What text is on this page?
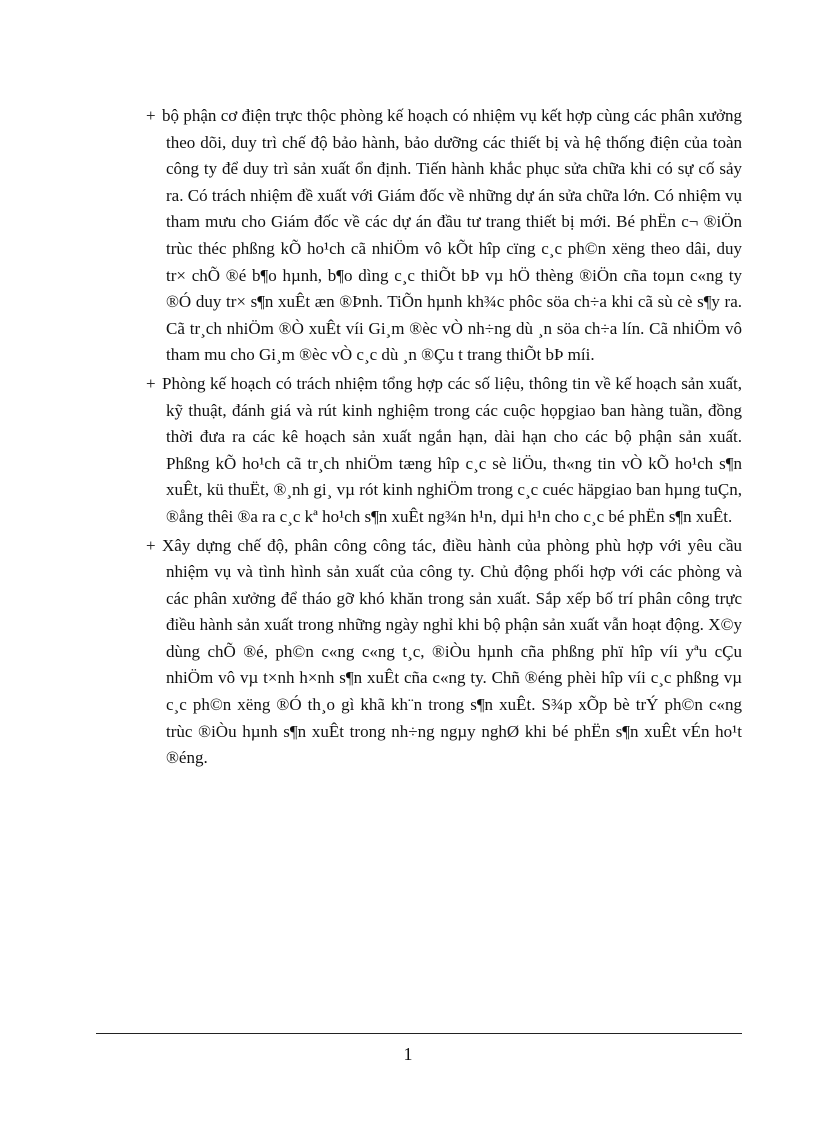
+ bộ phận cơ điện trực thộc phòng kế hoạch có nhiệm vụ kết hợp cùng các phân xưởng theo dõi, duy trì chế độ bảo hành, bảo dưỡng các thiết bị và hệ thống điện của toàn công ty để duy trì sản xuất ổn định. Tiến hành khắc phục sửa chữa khi có sự cố sảy ra. Có trách nhiệm đề xuất với Giám đốc về những dự án sửa chữa lớn. Có nhiệm vụ tham mưu cho Giám đốc về các dự án đầu tư trang thiết bị mới. Bé phËn c¬ ®iÖn trùc théc phßng kÕ ho¹ch cã nhiÖm vô kÕt hîp cïng c¸c ph©n xëng theo dâi, duy tr× chÕ ®é b¶o hµnh, b¶o dìng c¸c thiÕt bÞ vµ hÖ thèng ®iÖn cña toµn c«ng ty ®Ó duy tr× s¶n xuÊt æn ®Þnh. TiÕn hµnh kh¾c phôc söa ch÷a khi cã sù cè s¶y ra. Cã tr¸ch nhiÖm ®Ò xuÊt víi Gi¸m ®èc vÒ nh÷ng dù ¸n söa ch÷a lín. Cã nhiÖm vô tham mu cho Gi¸m ®èc vÒ c¸c dù ¸n ®Çu t trang thiÕt bÞ míi.
+ Phòng kế hoạch có trách nhiệm tổng hợp các số liệu, thông tin về kế hoạch sản xuất, kỹ thuật, đánh giá và rút kinh nghiệm trong các cuộc họpgiao ban hàng tuần, đồng thời đưa ra các kê hoạch sản xuất ngắn hạn, dài hạn cho các bộ phận sản xuất. Phßng kÕ ho¹ch cã tr¸ch nhiÖm tæng hîp c¸c sè liÖu, th«ng tin vÒ kÕ ho¹ch s¶n xuÊt, kü thuËt, ®¸nh gi¸ vµ rót kinh nghiÖm trong c¸c cuéc häpgiao ban hµng tuÇn, ®ång thêi ®a ra c¸c kª ho¹ch s¶n xuÊt ng¾n h¹n, dµi h¹n cho c¸c bé phËn s¶n xuÊt.
+ Xây dựng chế độ, phân công công tác, điều hành của phòng phù hợp với yêu cầu nhiệm vụ và tình hình sản xuất của công ty. Chủ động phối hợp với các phòng và các phân xưởng để tháo gỡ khó khăn trong sản xuất. Sắp xếp bố trí phân công trực điều hành sản xuất trong những ngày nghỉ khi bộ phận sản xuất vẫn hoạt động. X©y dùng chÕ ®é, ph©n c«ng c«ng t¸c, ®iÒu hµnh cña phßng phï hîp víi yªu cÇu nhiÖm vô vµ t×nh h×nh s¶n xuÊt cña c«ng ty. Chñ ®éng phèi hîp víi c¸c phßng vµ c¸c ph©n xëng ®Ó th¸o gì khã kh¨n trong s¶n xuÊt. S¾p xÕp bè trÝ ph©n c«ng trùc ®iÒu hµnh s¶n xuÊt trong nh÷ng ngµy nghØ khi bé phËn s¶n xuÊt vÉn ho¹t ®éng.
1
